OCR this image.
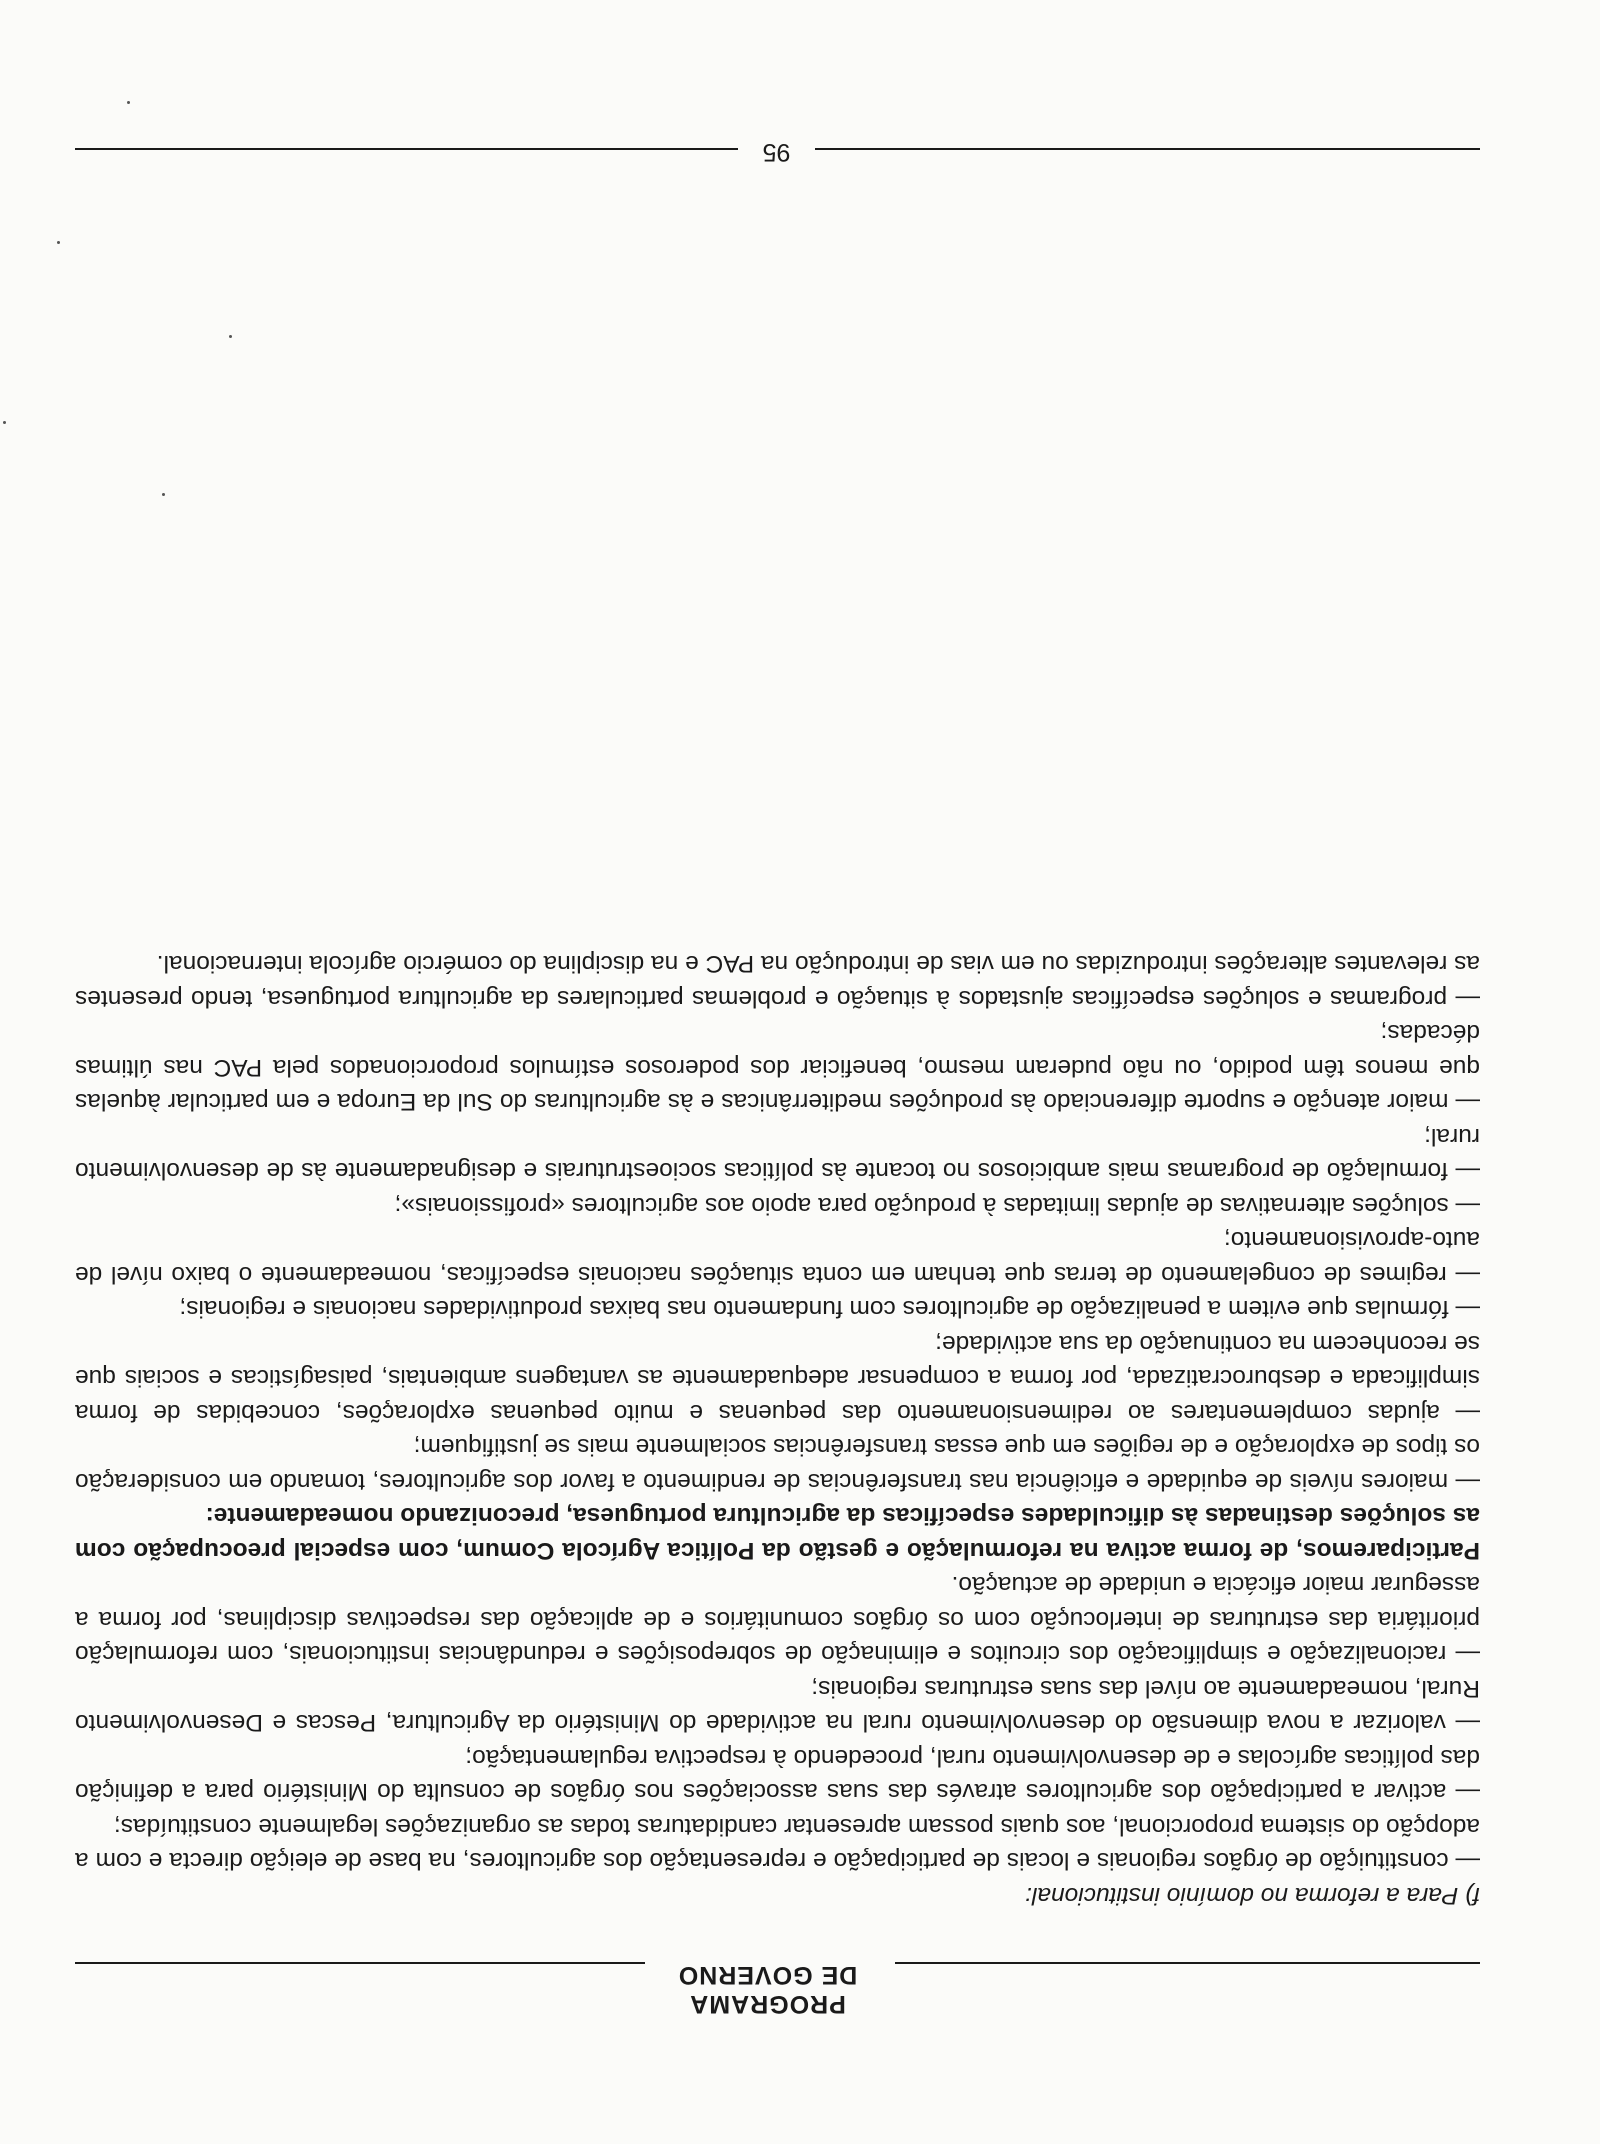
PROGRAMA
DE GOVERNO

f) Para a reforma no domínio institucional:

— constituição de órgãos regionais e locais de participação e representação dos agricultores, na base de eleição directa e com a adopção do sistema proporcional, aos quais possam apresentar candidaturas todas as organizações legalmente constituídas;

— activar a participação dos agricultores através das suas associações nos órgãos de consulta do Ministério para a definição das políticas agrícolas e de desenvolvimento rural, procedendo à respectiva regulamentação;

— valorizar a nova dimensão do desenvolvimento rural na actividade do Ministério da Agricultura, Pescas e Desenvolvimento Rural, nomeadamente ao nível das suas estruturas regionais;

— racionalização e simplificação dos circuitos e eliminação de sobreposições e redundâncias institucionais, com reformulação prioritária das estruturas de interlocução com os órgãos comunitários e de aplicação das respectivas disciplinas, por forma a assegurar maior eficácia e unidade de actuação.

Participaremos, de forma activa na reformulação e gestão da Política Agrícola Comum, com especial preocupação com as soluções destinadas às dificuldades específicas da agricultura portuguesa, preconizando nomeadamente:

— maiores níveis de equidade e eficiência nas transferências de rendimento a favor dos agricultores, tomando em consideração os tipos de exploração e de regiões em que essas transferências socialmente mais se justifiquem;

— ajudas complementares ao redimensionamento das pequenas e muito pequenas explorações, concebidas de forma simplificada e desburocratizada, por forma a compensar adequadamente as vantagens ambientais, paisagísticas e sociais que se reconhecem na continuação da sua actividade;

— fórmulas que evitem a penalização de agricultores com fundamento nas baixas produtividades nacionais e regionais;

— regimes de congelamento de terras que tenham em conta situações nacionais específicas, nomeadamente o baixo nível de auto-aprovisionamento;

— soluções alternativas de ajudas limitadas à produção para apoio aos agricultores «profissionais»;

— formulação de programas mais ambiciosos no tocante às políticas socioestruturais e designadamente às de desenvolvimento rural;

— maior atenção e suporte diferenciado às produções mediterrânicas e às agriculturas do Sul da Europa e em particular àquelas que menos têm podido, ou não puderam mesmo, beneficiar dos poderosos estímulos proporcionados pela PAC nas últimas décadas;

— programas e soluções específicas ajustados à situação e problemas particulares da agricultura portuguesa, tendo presentes as relevantes alterações introduzidas ou em vias de introdução na PAC e na disciplina do comércio agrícola internacional.

95
